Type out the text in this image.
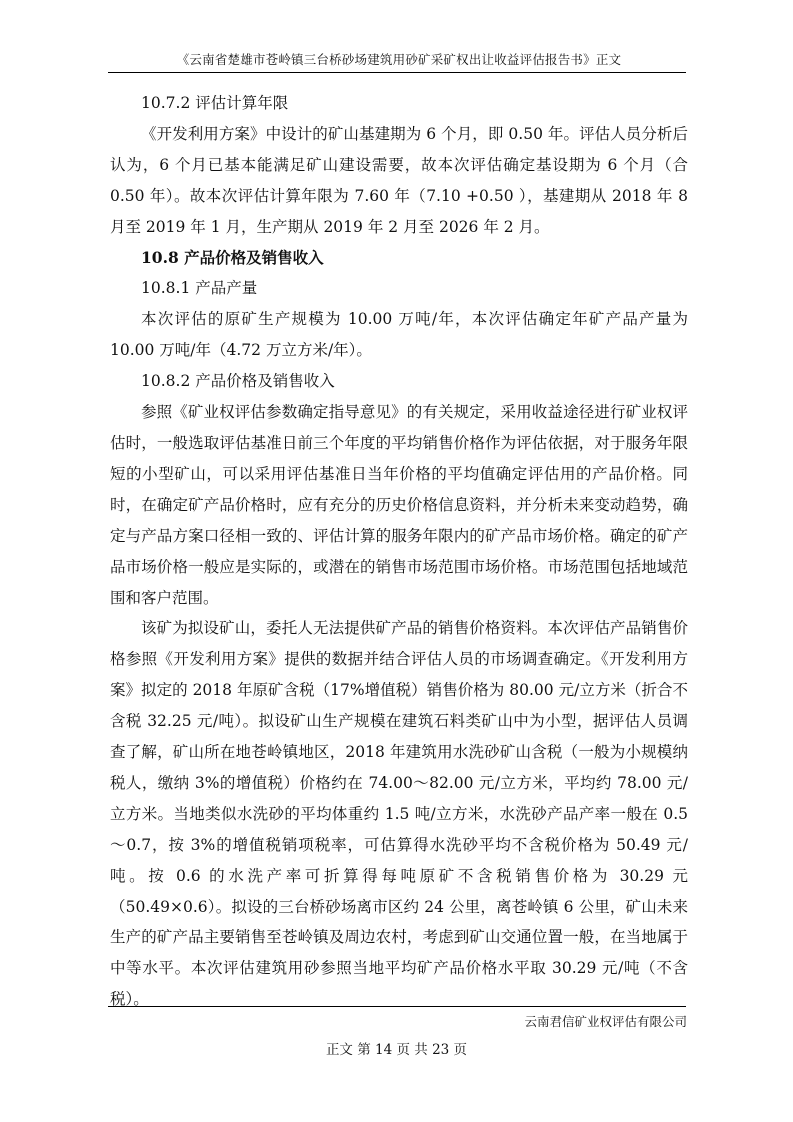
《云南省楚雄市苍岭镇三台桥砂场建筑用砂矿采矿权出让收益评估报告书》正文

10.7.2 评估计算年限

《开发利用方案》中设计的矿山基建期为 6 个月，即 0.50 年。评估人员分析后认为，6 个月已基本能满足矿山建设需要，故本次评估确定基设期为 6 个月（合 0.50 年）。故本次评估计算年限为 7.60 年（7.10 +0.50 ），基建期从 2018 年 8 月至 2019 年 1 月，生产期从 2019 年 2 月至 2026 年 2 月。

10.8 产品价格及销售收入

10.8.1 产品产量

本次评估的原矿生产规模为 10.00 万吨/年，本次评估确定年矿产品产量为 10.00 万吨/年（4.72 万立方米/年）。

10.8.2 产品价格及销售收入

参照《矿业权评估参数确定指导意见》的有关规定，采用收益途径进行矿业权评估时，一般选取评估基准日前三个年度的平均销售价格作为评估依据，对于服务年限短的小型矿山，可以采用评估基准日当年价格的平均值确定评估用的产品价格。同时，在确定矿产品价格时，应有充分的历史价格信息资料，并分析未来变动趋势，确定与产品方案口径相一致的、评估计算的服务年限内的矿产品市场价格。确定的矿产品市场价格一般应是实际的，或潜在的销售市场范围市场价格。市场范围包括地域范围和客户范围。

该矿为拟设矿山，委托人无法提供矿产品的销售价格资料。本次评估产品销售价格参照《开发利用方案》提供的数据并结合评估人员的市场调查确定。《开发利用方案》拟定的 2018 年原矿含税（17%增值税）销售价格为 80.00 元/立方米（折合不含税 32.25 元/吨）。拟设矿山生产规模在建筑石料类矿山中为小型，据评估人员调查了解，矿山所在地苍岭镇地区，2018 年建筑用水洗砂矿山含税（一般为小规模纳税人，缴纳 3%的增值税）价格约在 74.00～82.00 元/立方米，平均约 78.00 元/立方米。当地类似水洗砂的平均体重约 1.5 吨/立方米，水洗砂产品产率一般在 0.5～0.7，按 3%的增值税销项税率，可估算得水洗砂平均不含税价格为 50.49 元/吨。按 0.6 的水洗产率可折算得每吨原矿不含税销售价格为 30.29 元（50.49×0.6）。拟设的三台桥砂场离市区约 24 公里，离苍岭镇 6 公里，矿山未来生产的矿产品主要销售至苍岭镇及周边农村，考虑到矿山交通位置一般，在当地属于中等水平。本次评估建筑用砂参照当地平均矿产品价格水平取 30.29 元/吨（不含税）。

云南君信矿业权评估有限公司
正文 第 14 页 共 23 页
